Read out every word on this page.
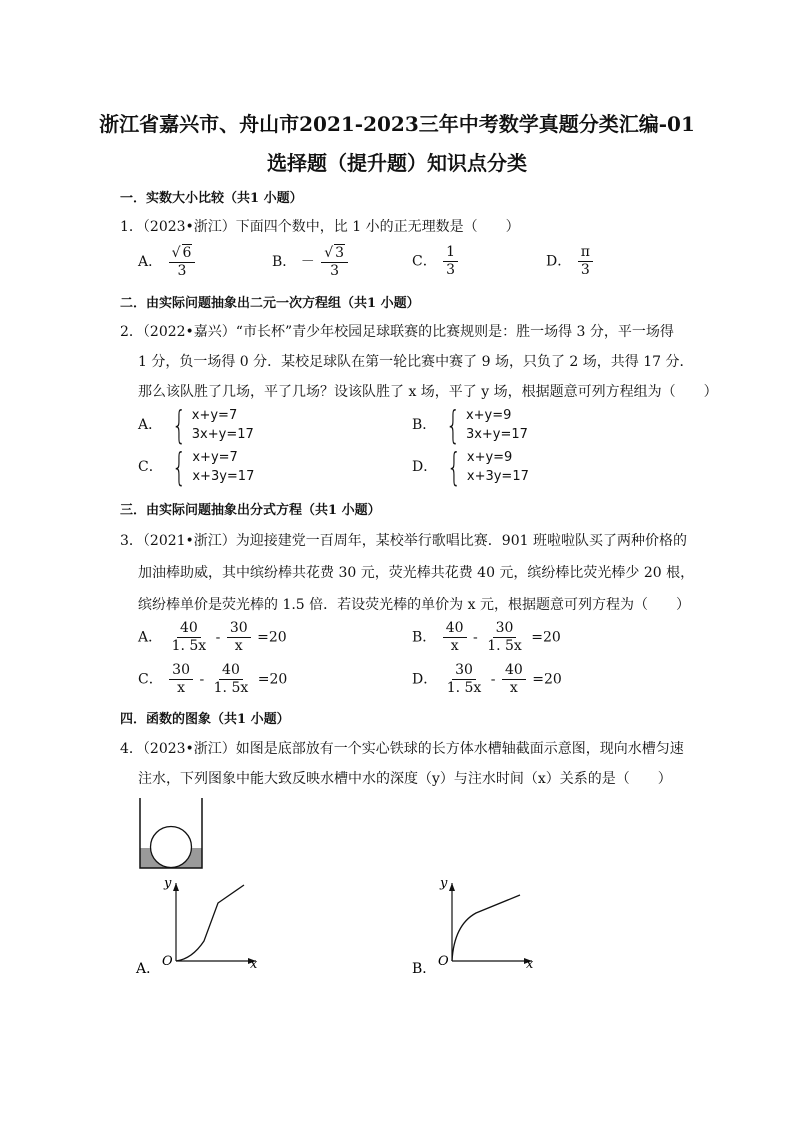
浙江省嘉兴市、舟山市2021-2023三年中考数学真题分类汇编-01
选择题（提升题）知识点分类
一．实数大小比较（共1 小题）
1．（2023•浙江）下面四个数中，比 1 小的正无理数是（　　）
A． $\frac{√ 6}{3}$	B． － $\frac{√ 3}{3}$	C． $\frac{1}{3}$	D． $\frac{\pi}{3}$
二．由实际问题抽象出二元一次方程组（共1 小题）
2．（2022•嘉兴）“市长杯”青少年校园足球联赛的比赛规则是：胜一场得 3 分，平一场得
1 分，负一场得 0 分．某校足球队在第一轮比赛中赛了 9 场，只负了 2 场，共得 17 分．
那么该队胜了几场，平了几场？设该队胜了 x 场，平了 y 场，根据题意可列方程组为（　　）
A． { x+y=7
3x+y=17
B． { x+y=9
3x+y=17
C． { x+y=7
x+3y=17
D． { x+y=9
x+3y=17
三．由实际问题抽象出分式方程（共1 小题）
3．（2021•浙江）为迎接建党一百周年，某校举行歌唱比赛．901 班啦啦队买了两种价格的
加油棒助威，其中缤纷棒共花费 30 元，荧光棒共花费 40 元，缤纷棒比荧光棒少 20 根，
缤纷棒单价是荧光棒的 1.5 倍．若设荧光棒的单价为 x 元，根据题意可列方程为（　　）
A． $\frac{40}{1. 5x} - \frac{30}{x} =20$	B． $\frac{40}{x} - \frac{30}{1. 5x} =20$
C． $\frac{30}{x} - \frac{40}{1. 5x} =20$	D． $\frac{30}{1. 5x} - \frac{40}{x} =20$
四．函数的图象（共1 小题）
4．（2023•浙江）如图是底部放有一个实心铁球的长方体水槽轴截面示意图，现向水槽匀速
注水，下列图象中能大致反映水槽中水的深度（y）与注水时间（x）关系的是（　　）
y
x
O
A．
y
x
O
B．
